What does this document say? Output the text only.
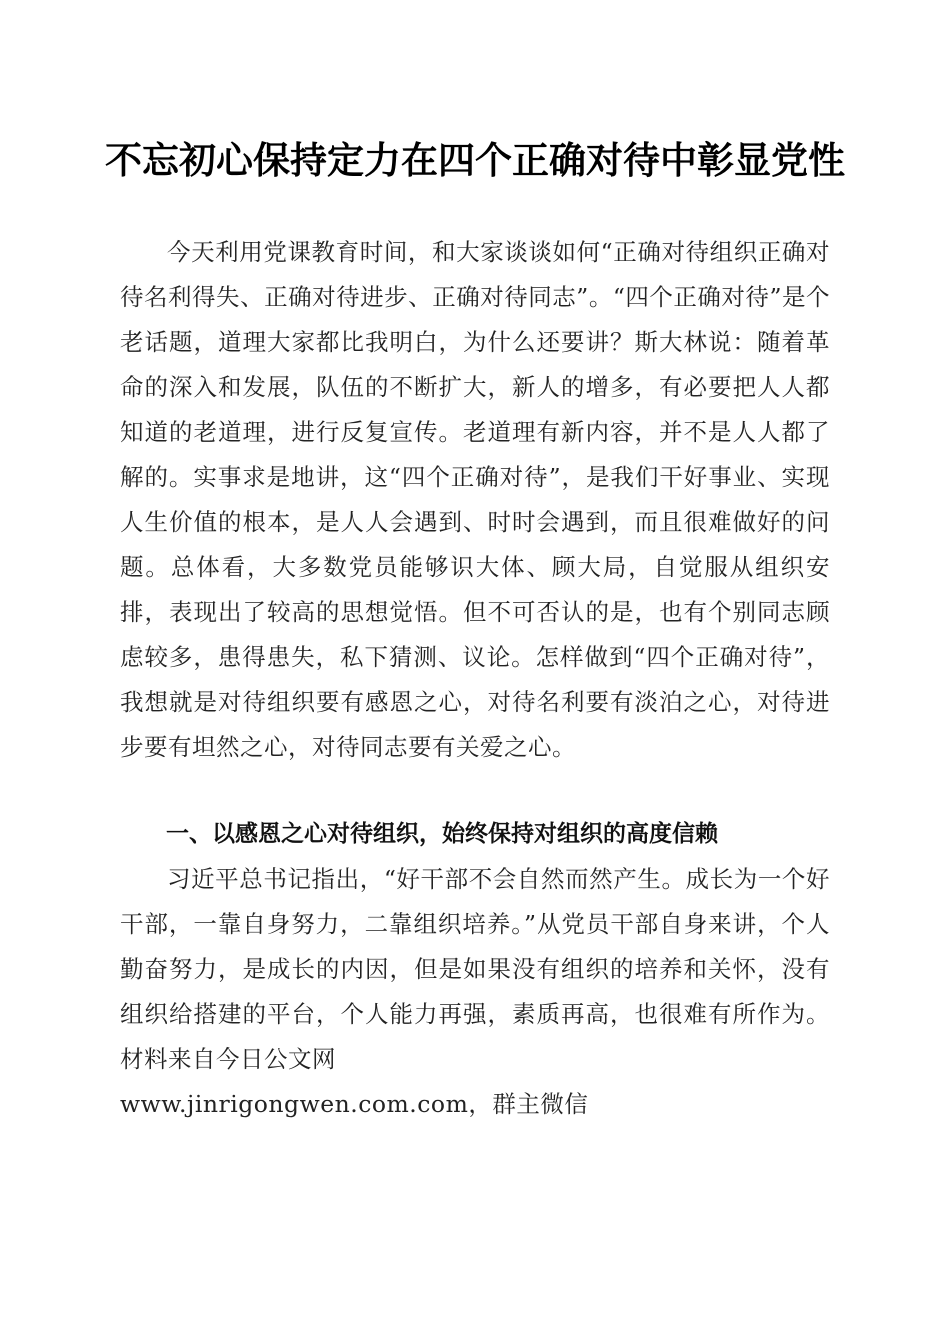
不忘初心保持定力在四个正确对待中彰显党性
今天利用党课教育时间，和大家谈谈如何“正确对待组织正确对待名利得失、正确对待进步、正确对待同志”。“四个正确对待”是个老话题，道理大家都比我明白，为什么还要讲？斯大林说：随着革命的深入和发展，队伍的不断扩大，新人的增多，有必要把人人都知道的老道理，进行反复宣传。老道理有新内容，并不是人人都了解的。实事求是地讲，这“四个正确对待”，是我们干好事业、实现人生价值的根本，是人人会遇到、时时会遇到，而且很难做好的问题。总体看，大多数党员能够识大体、顾大局，自觉服从组织安排，表现出了较高的思想觉悟。但不可否认的是，也有个别同志顾虑较多，患得患失，私下猜测、议论。怎样做到“四个正确对待”，我想就是对待组织要有感恩之心，对待名利要有淡泊之心，对待进步要有坦然之心，对待同志要有关爱之心。
一、以感恩之心对待组织，始终保持对组织的高度信赖
习近平总书记指出，“好干部不会自然而然产生。成长为一个好干部，一靠自身努力，二靠组织培养。”从党员干部自身来讲，个人勤奋努力，是成长的内因，但是如果没有组织的培养和关怀，没有组织给搭建的平台，个人能力再强，素质再高，也很难有所作为。材料来自今日公文网
www.jinrigongwen.com.com，群主微信
